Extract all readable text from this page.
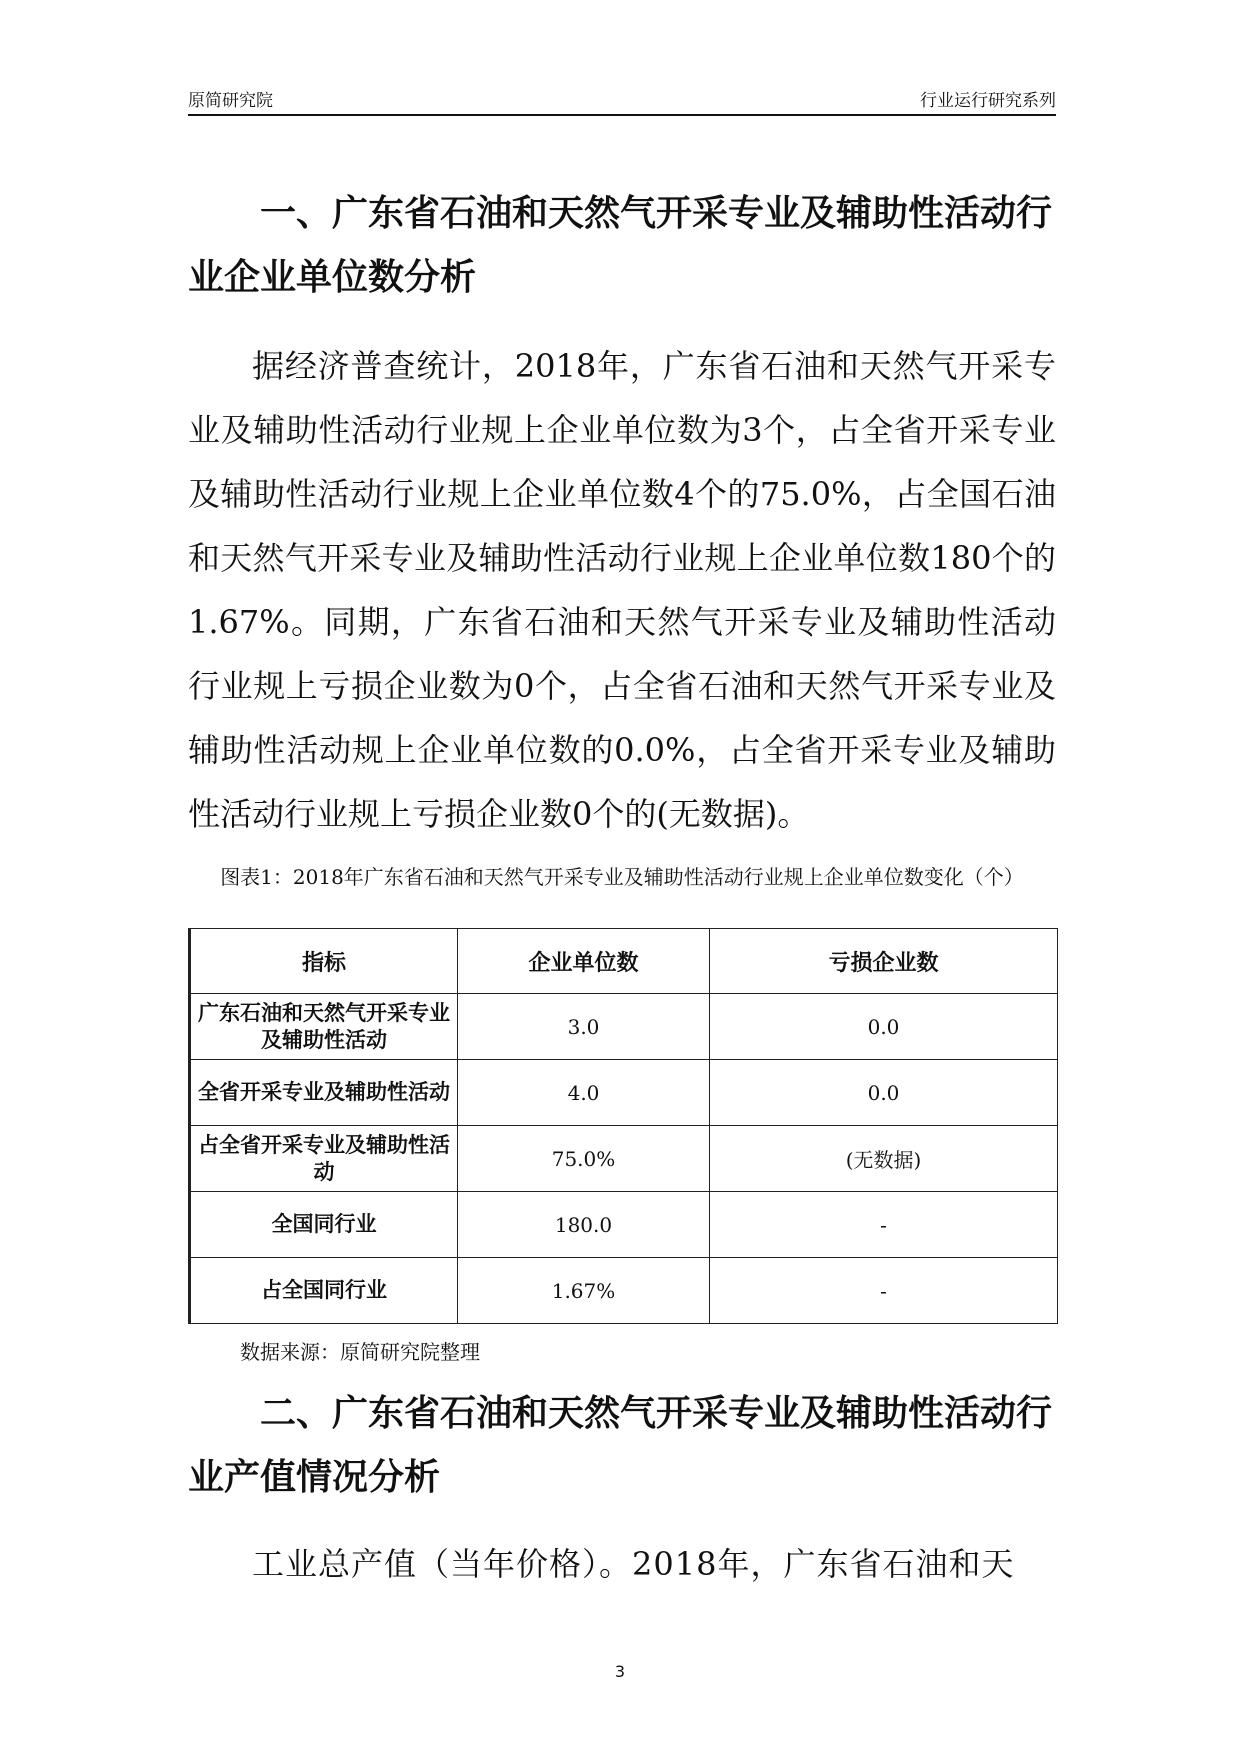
原简研究院	行业运行研究系列
一、广东省石油和天然气开采专业及辅助性活动行业企业单位数分析

据经济普查统计，2018年，广东省石油和天然气开采专业及辅助性活动行业规上企业单位数为3个，占全省开采专业及辅助性活动行业规上企业单位数4个的75.0%，占全国石油和天然气开采专业及辅助性活动行业规上企业单位数180个的1.67%。同期，广东省石油和天然气开采专业及辅助性活动行业规上亏损企业数为0个，占全省石油和天然气开采专业及辅助性活动规上企业单位数的0.0%，占全省开采专业及辅助性活动行业规上亏损企业数0个的(无数据)。

图表1：2018年广东省石油和天然气开采专业及辅助性活动行业规上企业单位数变化（个）

指标	企业单位数	亏损企业数
广东石油和天然气开采专业及辅助性活动	3.0	0.0
全省开采专业及辅助性活动	4.0	0.0
占全省开采专业及辅助性活动	75.0%	(无数据)
全国同行业	180.0	-
占全国同行业	1.67%	-

数据来源：原简研究院整理

二、广东省石油和天然气开采专业及辅助性活动行业产值情况分析

工业总产值（当年价格）。2018年，广东省石油和天

3
